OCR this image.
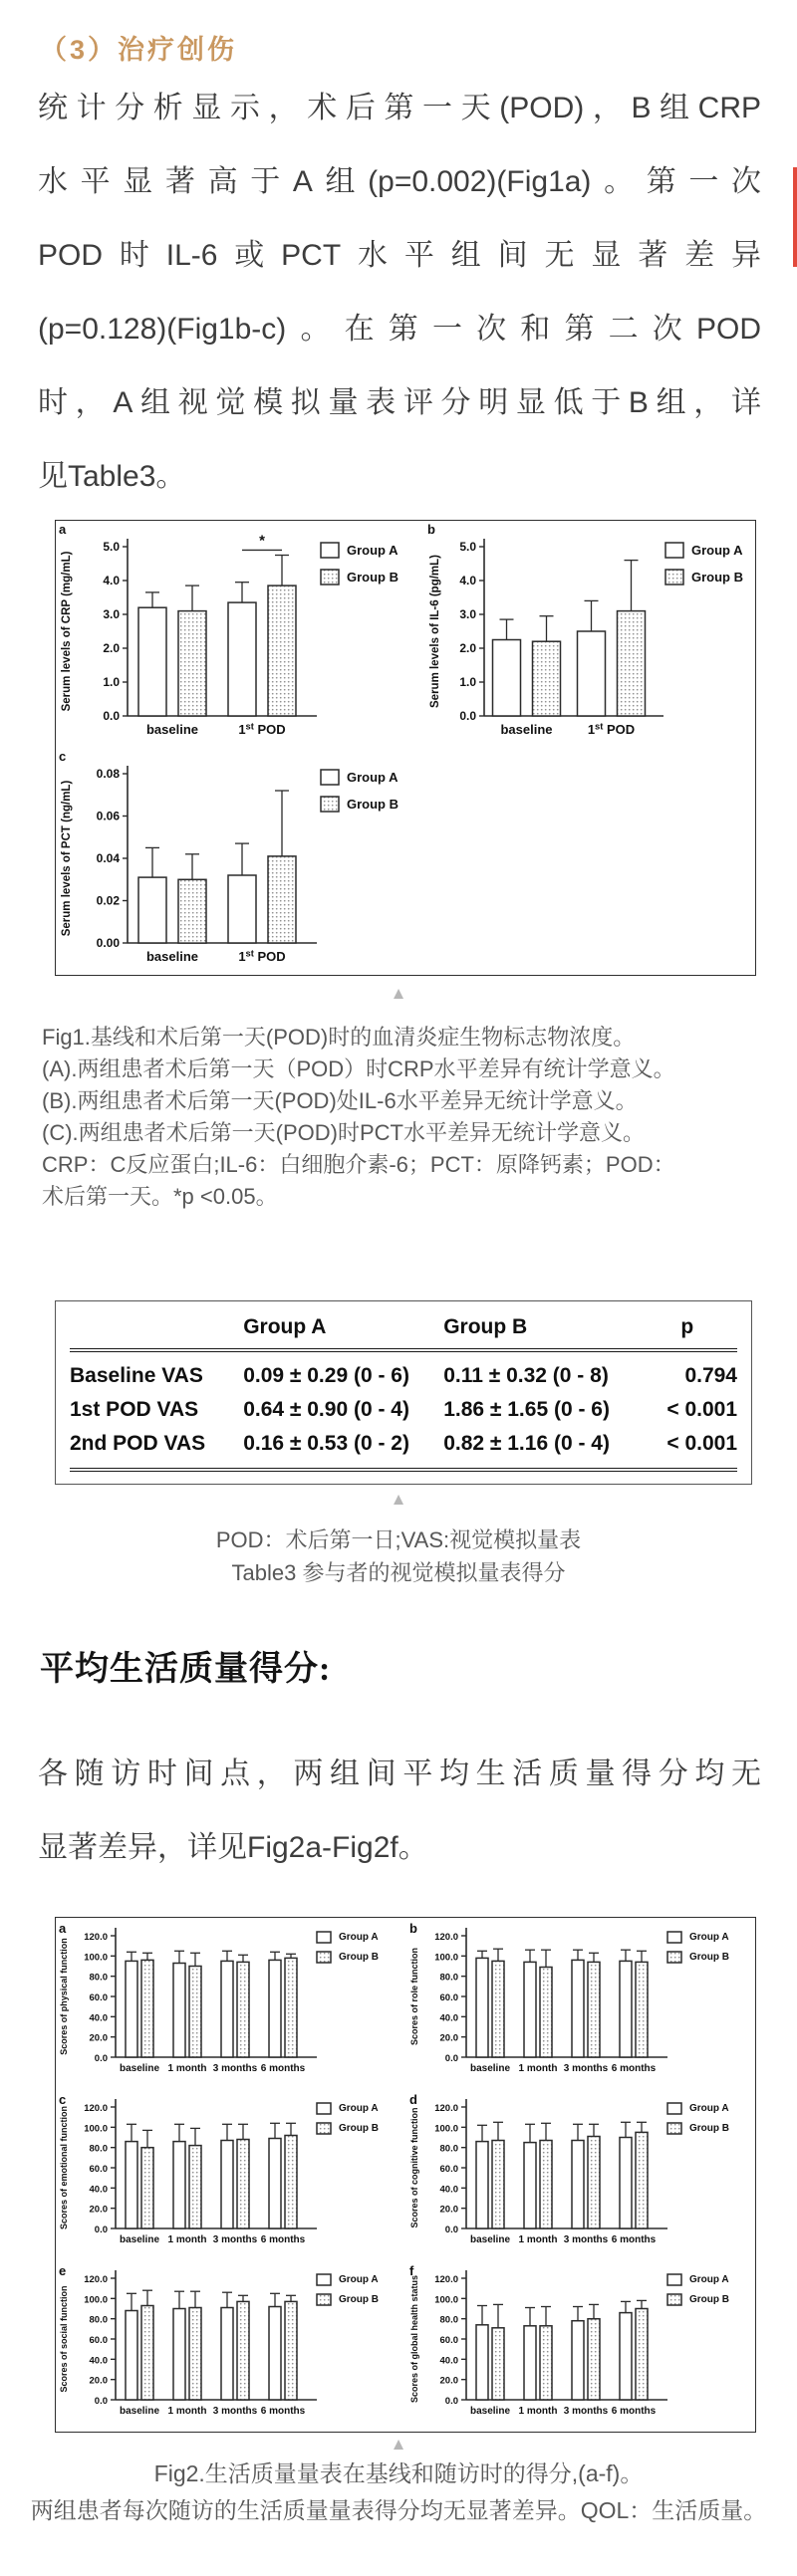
（3）治疗创伤
统计分析显示，术后第一天(POD)，B组CRP
水平显著高于A组(p=0.002)(Fig1a)。第一次
POD时IL-6或PCT水平组间无显著差异
(p=0.128)(Fig1b-c)。在第一次和第二次POD
时，A组视觉模拟量表评分明显低于B组，详
见Table3。
a
Serum levels of CRP (mg/mL)
0.0
1.0
2.0
3.0
4.0
5.0
baseline	1st POD
*
Group A
Group B
b
Serum levels of IL-6 (pg/mL)
0.0
1.0
2.0
3.0
4.0
5.0
baseline	1st POD
Group A
Group B
c
Serum levels of PCT (ng/mL)
0.00
0.02
0.04
0.06
0.08
baseline	1st POD
Group A
Group B
▲
Fig1.基线和术后第一天(POD)时的血清炎症生物标志物浓度。
(A).两组患者术后第一天（POD）时CRP水平差异有统计学意义。
(B).两组患者术后第一天(POD)处IL-6水平差异无统计学意义。
(C).两组患者术后第一天(POD)时PCT水平差异无统计学意义。
CRP：C反应蛋白;IL-6：白细胞介素-6；PCT：原降钙素；POD：
术后第一天。*p <0.05。
	Group A	Group B	p
Baseline VAS	0.09 ± 0.29 (0 - 6)	0.11 ± 0.32 (0 - 8)	0.794
1st POD VAS	0.64 ± 0.90 (0 - 4)	1.86 ± 1.65 (0 - 6)	< 0.001
2nd POD VAS	0.16 ± 0.53 (0 - 2)	0.82 ± 1.16 (0 - 4)	< 0.001
▲
POD：术后第一日;VAS:视觉模拟量表
Table3 参与者的视觉模拟量表得分
平均生活质量得分:
各随访时间点，两组间平均生活质量得分均无
显著差异，详见Fig2a-Fig2f。
a
Scores of physical function
0.0
20.0
40.0
60.0
80.0
100.0
120.0
baseline 1 month 3 months 6 months
Group A
Group B
b
Scores of role function
0.0
20.0
40.0
60.0
80.0
100.0
120.0
baseline 1 month 3 months 6 months
Group A
Group B
c
Scores of emotional function
0.0
20.0
40.0
60.0
80.0
100.0
120.0
baseline 1 month 3 months 6 months
Group A
Group B
d
Scores of cognitive function
0.0
20.0
40.0
60.0
80.0
100.0
120.0
baseline 1 month 3 months 6 months
Group A
Group B
e
Scores of social function
0.0
20.0
40.0
60.0
80.0
100.0
120.0
baseline 1 month 3 months 6 months
Group A
Group B
f
Scores of global health status	0.0
20.0
40.0
60.0
80.0
100.0
120.0
baseline 1 month 3 months 6 months
Group A
Group B
▲
Fig2.生活质量量表在基线和随访时的得分,(a-f)。
两组患者每次随访的生活质量量表得分均无显著差异。QOL：生活质量。
